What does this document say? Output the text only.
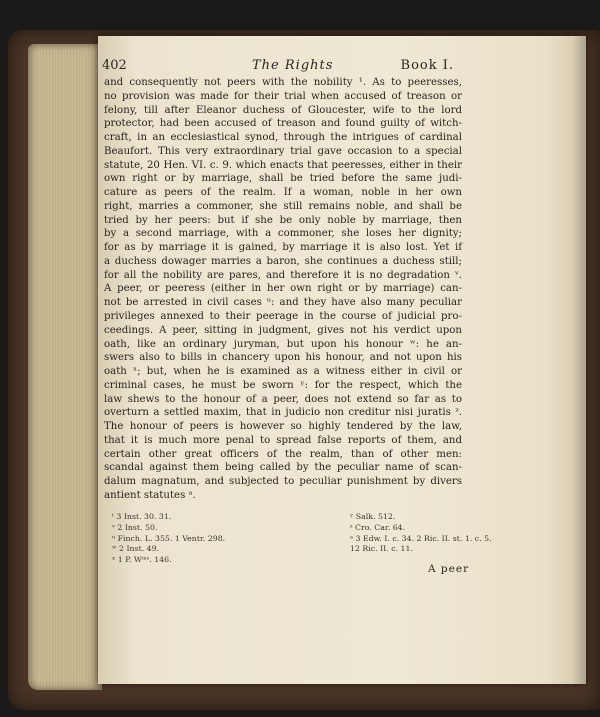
402	The Rights	Book I.
and consequently not peers with the nobility ¹. As to peeresses,
no provision was made for their trial when accused of treason or
felony, till after Eleanor duchess of Gloucester, wife to the lord
protector, had been accused of treason and found guilty of witch-
craft, in an ecclesiastical synod, through the intrigues of cardinal
Beaufort. This very extraordinary trial gave occasion to a special
statute, 20 Hen. VI. c. 9. which enacts that peeresses, either in their
own right or by marriage, shall be tried before the same judi-
cature as peers of the realm. If a woman, noble in her own
right, marries a commoner, she still remains noble, and shall be
tried by her peers: but if she be only noble by marriage, then
by a second marriage, with a commoner, she loses her dignity;
for as by marriage it is gained, by marriage it is also lost. Yet if
a duchess dowager marries a baron, she continues a duchess still;
for all the nobility are pares, and therefore it is no degradation ᵛ.
A peer, or peeress (either in her own right or by marriage) can-
not be arrested in civil cases ᵘ: and they have also many peculiar
privileges annexed to their peerage in the course of judicial pro-
ceedings. A peer, sitting in judgment, gives not his verdict upon
oath, like an ordinary juryman, but upon his honour ʷ: he an-
swers also to bills in chancery upon his honour, and not upon his
oath ˣ; but, when he is examined as a witness either in civil or
criminal cases, he must be sworn ʸ: for the respect, which the
law shews to the honour of a peer, does not extend so far as to
overturn a settled maxim, that in judicio non creditur nisi juratis ᶻ.
The honour of peers is however so highly tendered by the law,
that it is much more penal to spread false reports of them, and
certain other great officers of the realm, than of other men:
scandal against them being called by the peculiar name of scan-
dalum magnatum, and subjected to peculiar punishment by divers
antient statutes ᵃ.
ᵗ 3 Inst. 30. 31.
ᵛ 2 Inst. 50.
ᵘ Finch. L. 355. 1 Ventr. 298.
ʷ 2 Inst. 49.
ˣ 1 P. Wᵐˢ. 146.
ʸ Salk. 512.
ᶻ Cro. Car. 64.
ᵃ 3 Edw. I. c. 34. 2 Ric. II. st. 1. c. 5.
12 Ric. II. c. 11.
A peer
